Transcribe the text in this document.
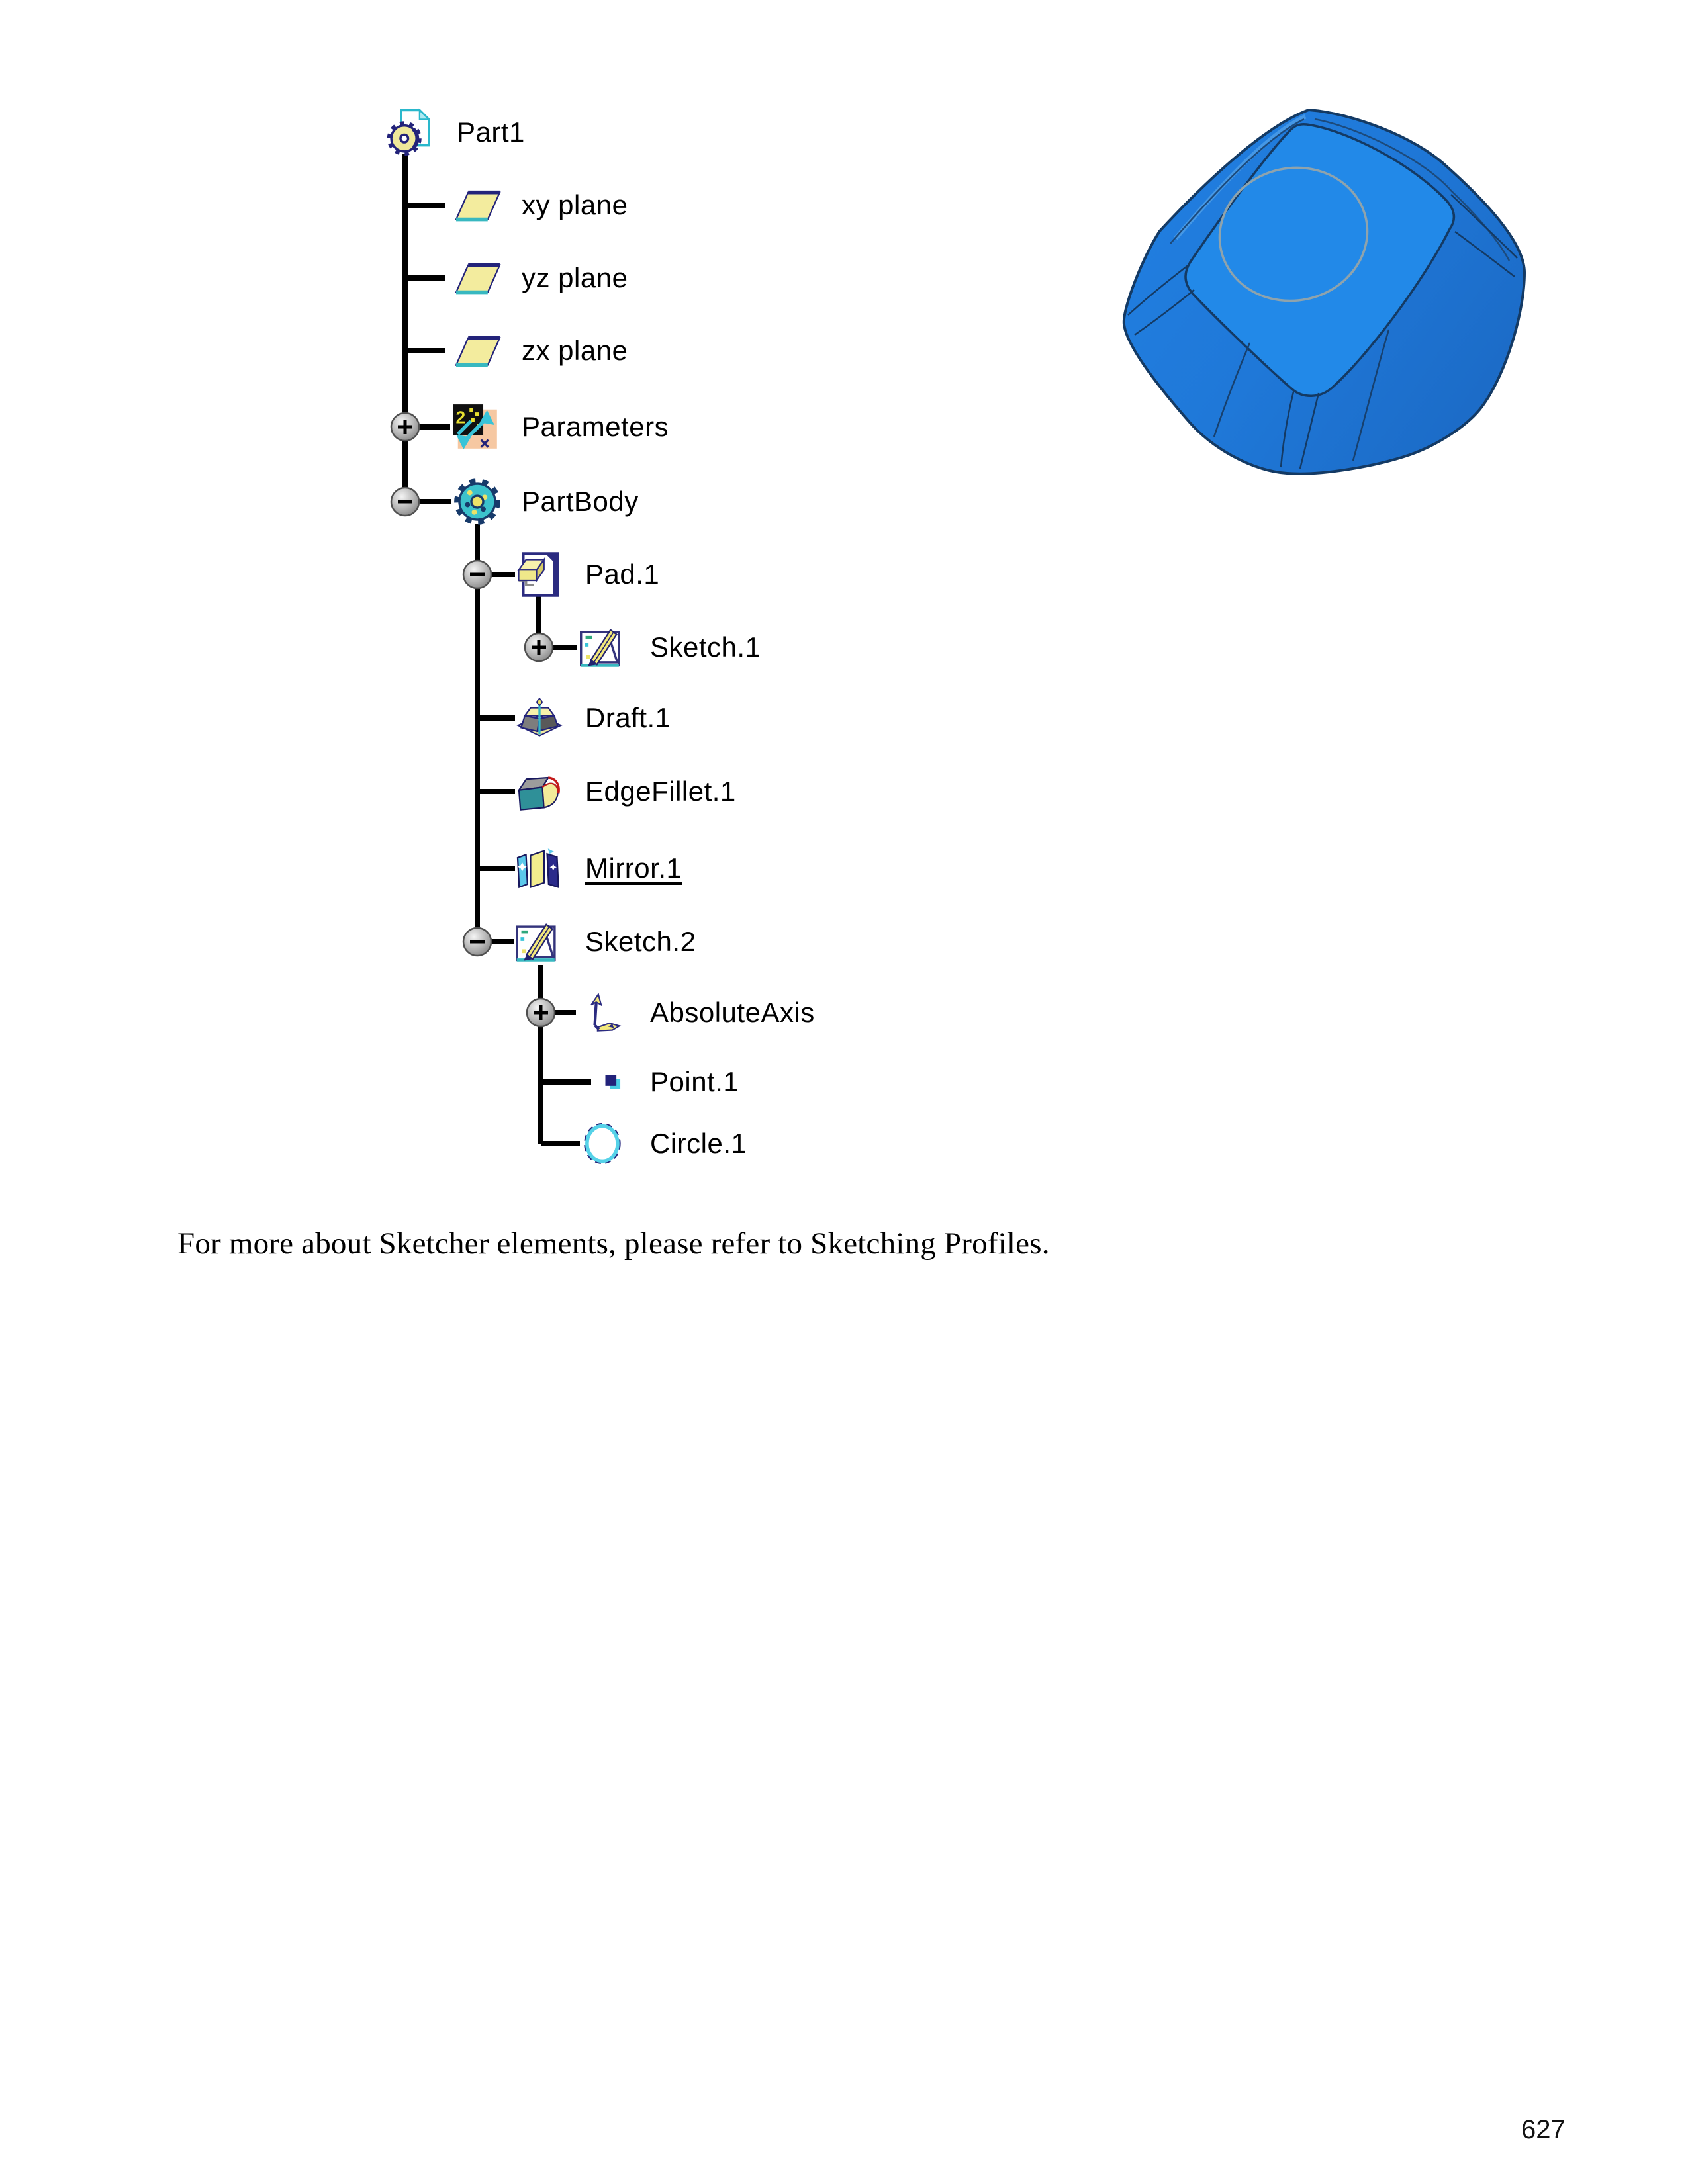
Part1
xy plane
yz plane
zx plane
2 Parameters
PartBody
Pad.1
Sketch.1
Draft.1
EdgeFillet.1
Mirror.1
Sketch.2
AbsoluteAxis
Point.1
Circle.1
For more about Sketcher elements, please refer to Sketching Profiles.
627
